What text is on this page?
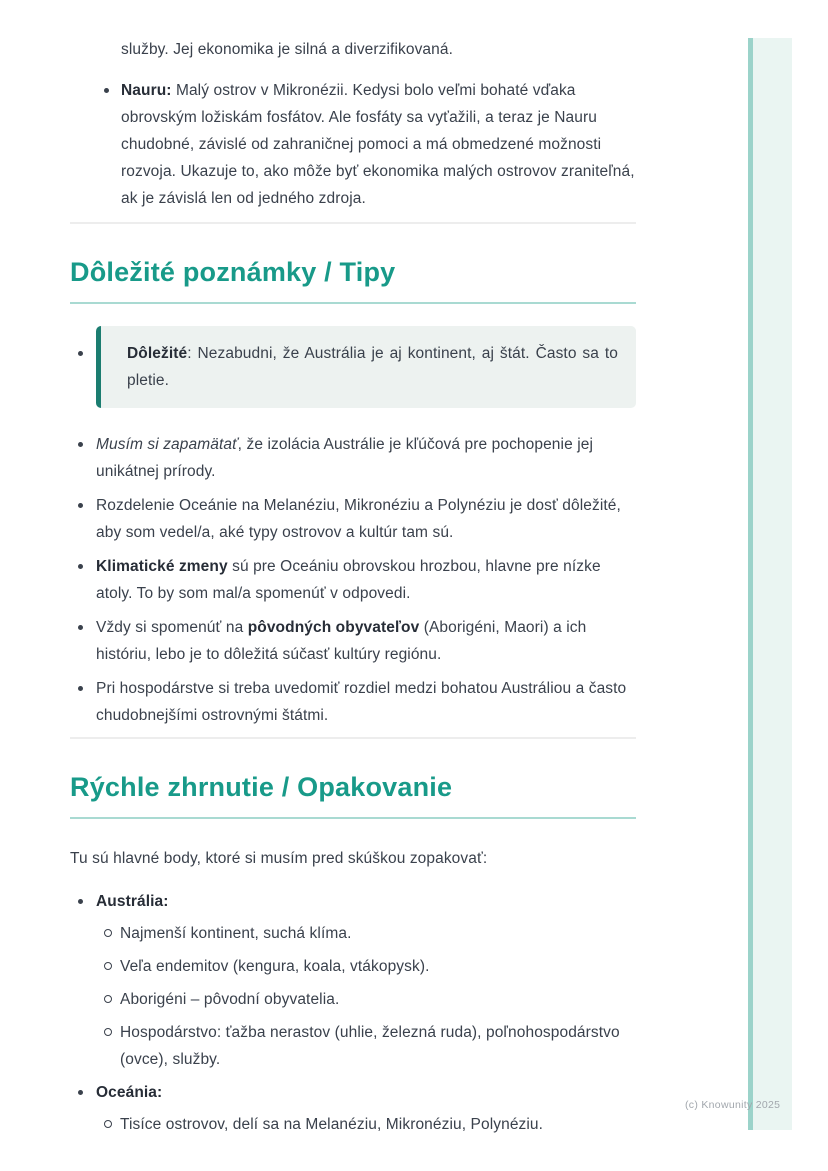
služby. Jej ekonomika je silná a diverzifikovaná.

Nauru: Malý ostrov v Mikronézii. Kedysi bolo veľmi bohaté vďaka obrovským ložiskám fosfátov. Ale fosfáty sa vyťažili, a teraz je Nauru chudobné, závislé od zahraničnej pomoci a má obmedzené možnosti rozvoja. Ukazuje to, ako môže byť ekonomika malých ostrovov zraniteľná, ak je závislá len od jedného zdroja.

Dôležité poznámky / Tipy

Dôležité: Nezabudni, že Austrália je aj kontinent, aj štát. Často sa to pletie.

Musím si zapamätať, že izolácia Austrálie je kľúčová pre pochopenie jej unikátnej prírody.

Rozdelenie Oceánie na Melanéziu, Mikronéziu a Polynéziu je dosť dôležité, aby som vedel/a, aké typy ostrovov a kultúr tam sú.

Klimatické zmeny sú pre Oceániu obrovskou hrozbou, hlavne pre nízke atoly. To by som mal/a spomenúť v odpovedi.

Vždy si spomenúť na pôvodných obyvateľov (Aborigéni, Maori) a ich históriu, lebo je to dôležitá súčasť kultúry regiónu.

Pri hospodárstve si treba uvedomiť rozdiel medzi bohatou Austráliou a často chudobnejšími ostrovnými štátmi.

Rýchle zhrnutie / Opakovanie

Tu sú hlavné body, ktoré si musím pred skúškou zopakovať:

Austrália:

Najmenší kontinent, suchá klíma.

Veľa endemitov (kengura, koala, vtákopysk).

Aborigéni – pôvodní obyvatelia.

Hospodárstvo: ťažba nerastov (uhlie, železná ruda), poľnohospodárstvo (ovce), služby.

Oceánia:

Tisíce ostrovov, delí sa na Melanéziu, Mikronéziu, Polynéziu.

(c) Knowunity 2025
